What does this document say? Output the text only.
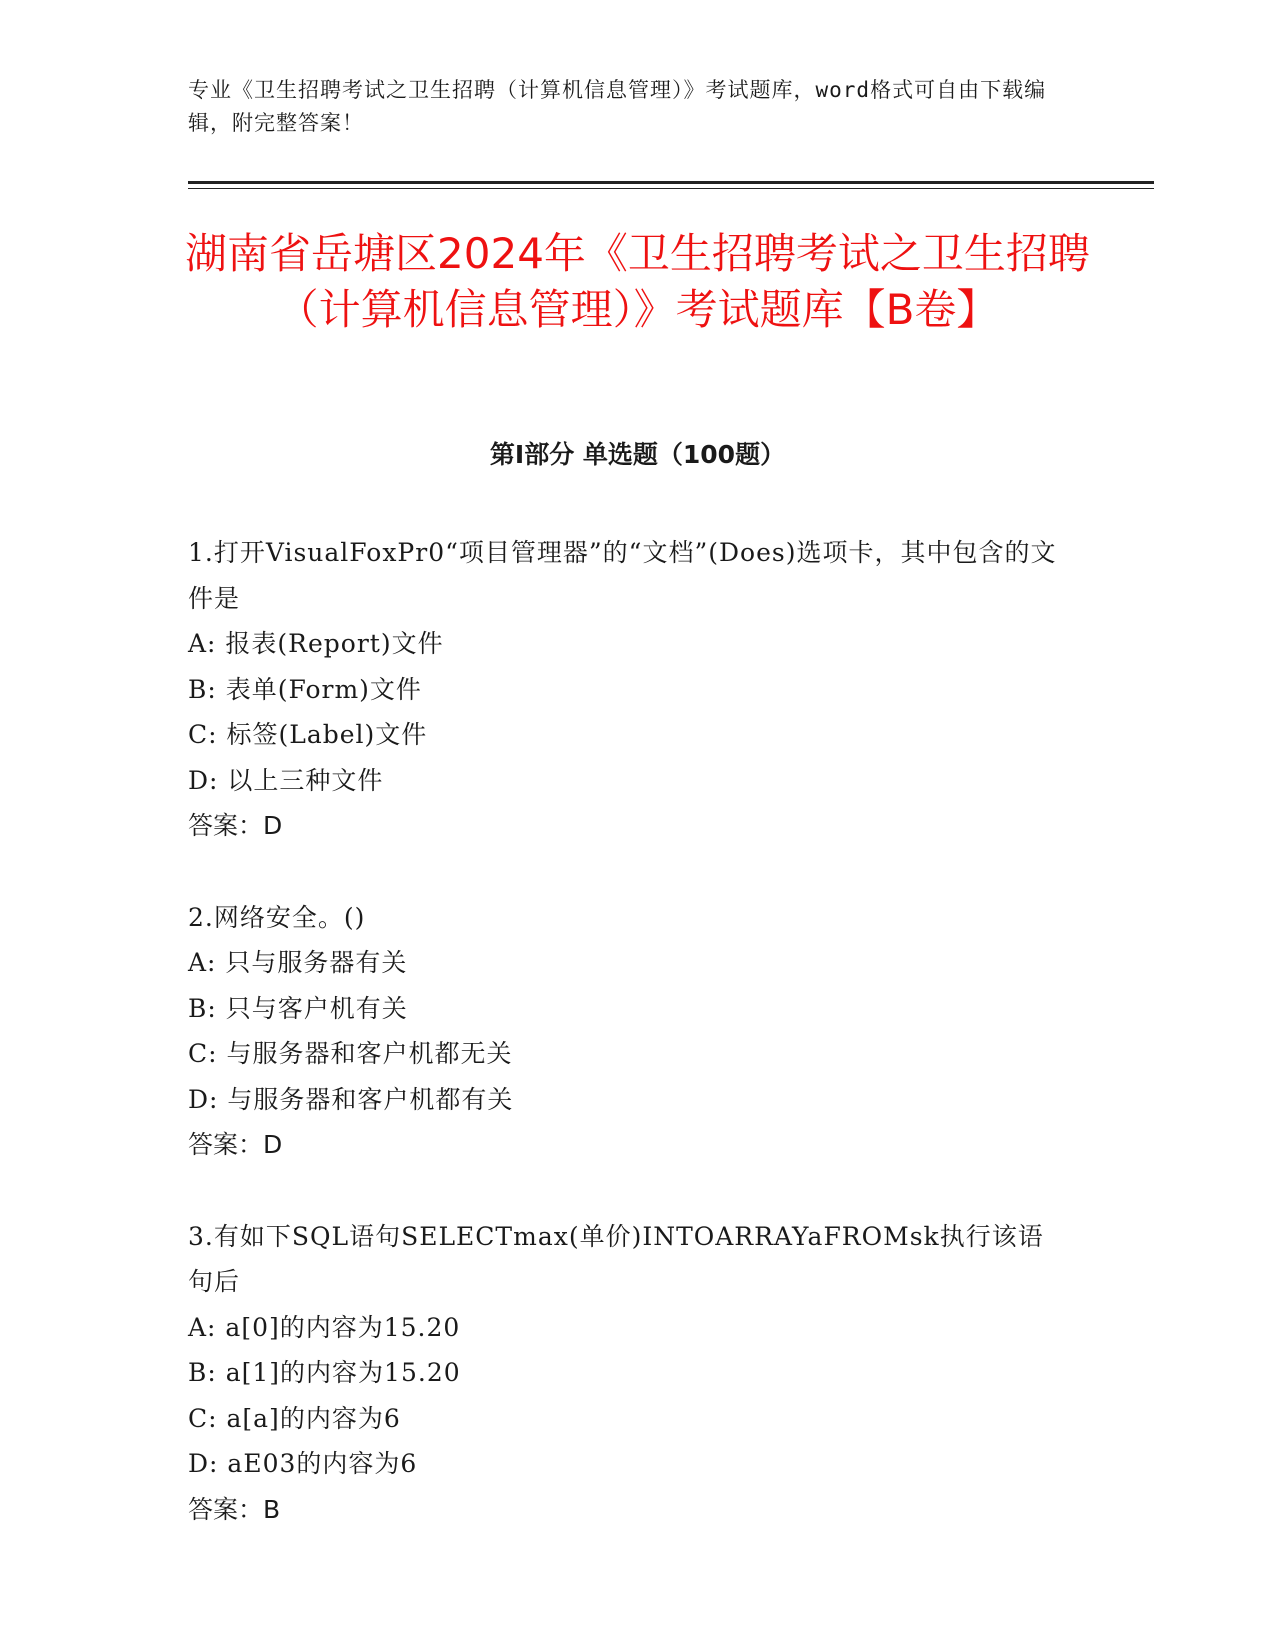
专业《卫生招聘考试之卫生招聘（计算机信息管理）》考试题库，word格式可自由下载编辑，附完整答案！
湖南省岳塘区2024年《卫生招聘考试之卫生招聘（计算机信息管理）》考试题库【B卷】
第I部分 单选题（100题）
1.打开VisualFoxPr0“项目管理器”的“文档”(Does)选项卡，其中包含的文件是
A: 报表(Report)文件
B: 表单(Form)文件
C: 标签(Label)文件
D: 以上三种文件
答案：D
2.网络安全。()
A: 只与服务器有关
B: 只与客户机有关
C: 与服务器和客户机都无关
D: 与服务器和客户机都有关
答案：D
3.有如下SQL语句SELECTmax(单价)INTOARRAYaFROMsk执行该语句后
A: a[0]的内容为15.20
B: a[1]的内容为15.20
C: a[a]的内容为6
D: aE03的内容为6
答案：B
